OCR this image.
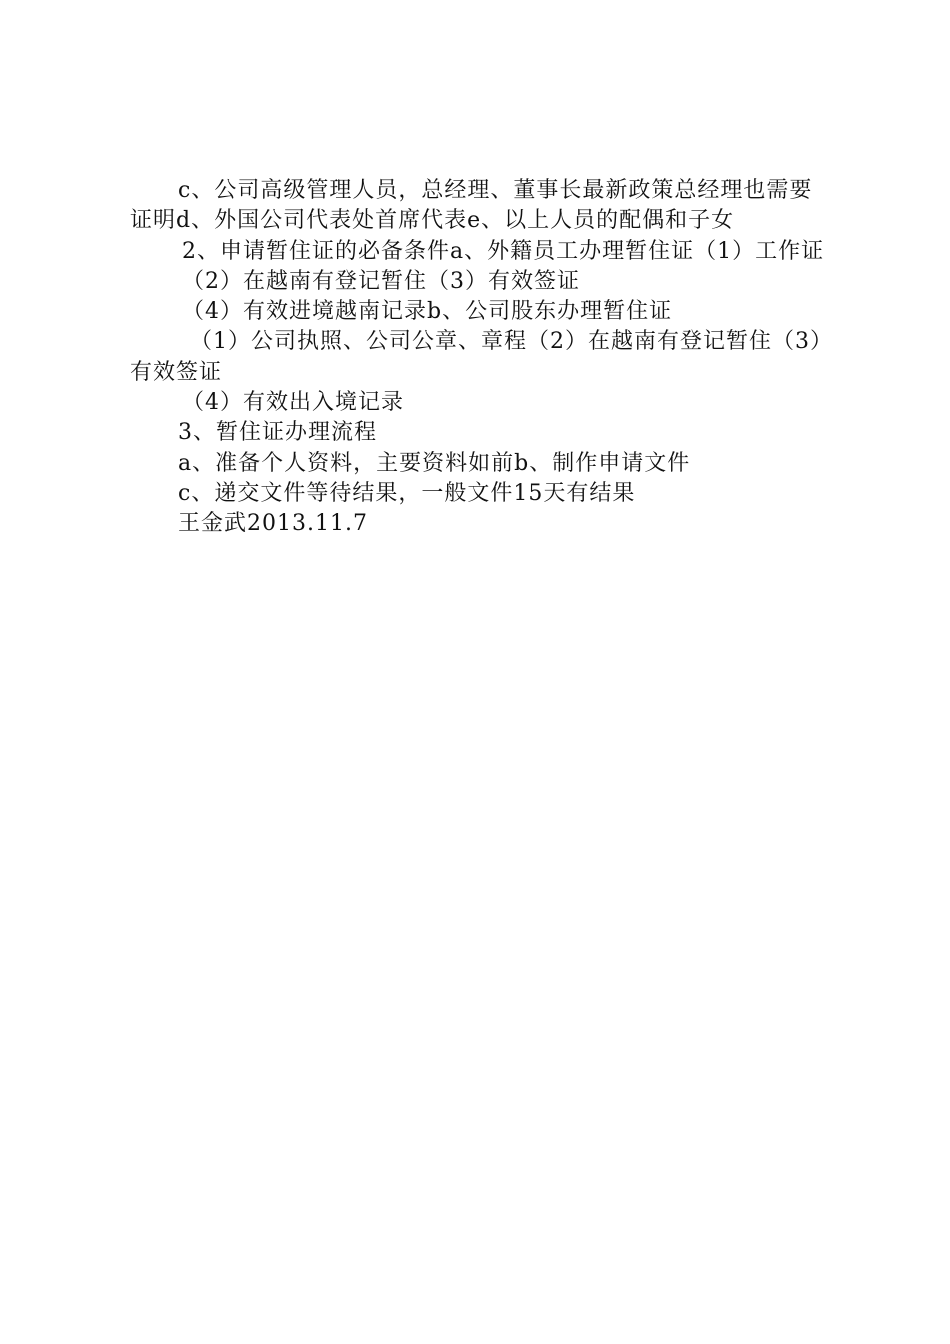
c、公司高级管理人员，总经理、董事长最新政策总经理也需要证明d、外国公司代表处首席代表e、以上人员的配偶和子女

2、申请暂住证的必备条件a、外籍员工办理暂住证（1）工作证

（2）在越南有登记暂住（3）有效签证

（4）有效进境越南记录b、公司股东办理暂住证

（1）公司执照、公司公章、章程（2）在越南有登记暂住（3）有效签证

（4）有效出入境记录

3、暂住证办理流程

a、准备个人资料，主要资料如前b、制作申请文件

c、递交文件等待结果，一般文件15天有结果

王金武2013.11.7
